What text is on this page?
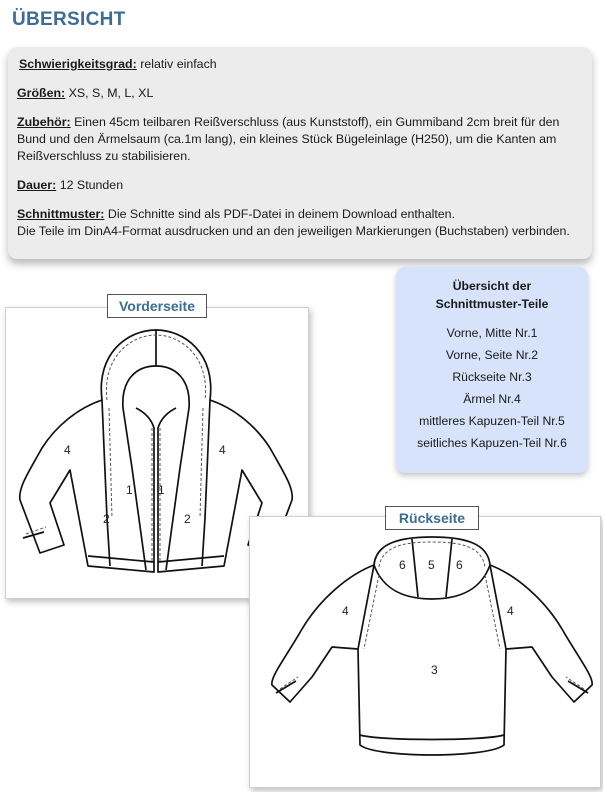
ÜBERSICHT
Schwierigkeitsgrad: relativ einfach
Größen: XS, S, M, L, XL
Zubehör: Einen 45cm teilbaren Reißverschluss (aus Kunststoff), ein Gummiband 2cm breit für den
Bund und den Ärmelsaum (ca.1m lang), ein kleines Stück Bügeleinlage (H250), um die Kanten am
Reißverschluss zu stabilisieren.
Dauer: 12 Stunden
Schnittmuster: Die Schnitte sind als PDF-Datei in deinem Download enthalten.
Die Teile im DinA4-Format ausdrucken und an den jeweiligen Markierungen (Buchstaben) verbinden.
Übersicht der
Schnittmuster-Teile
Vorne, Mitte Nr.1
Vorne, Seite Nr.2
Rückseite Nr.3
Ärmel Nr.4
mittleres Kapuzen-Teil Nr.5
seitliches Kapuzen-Teil Nr.6
4	4
1 1
2	2
Vorderseite
6 5 6
4	4
3
Rückseite
